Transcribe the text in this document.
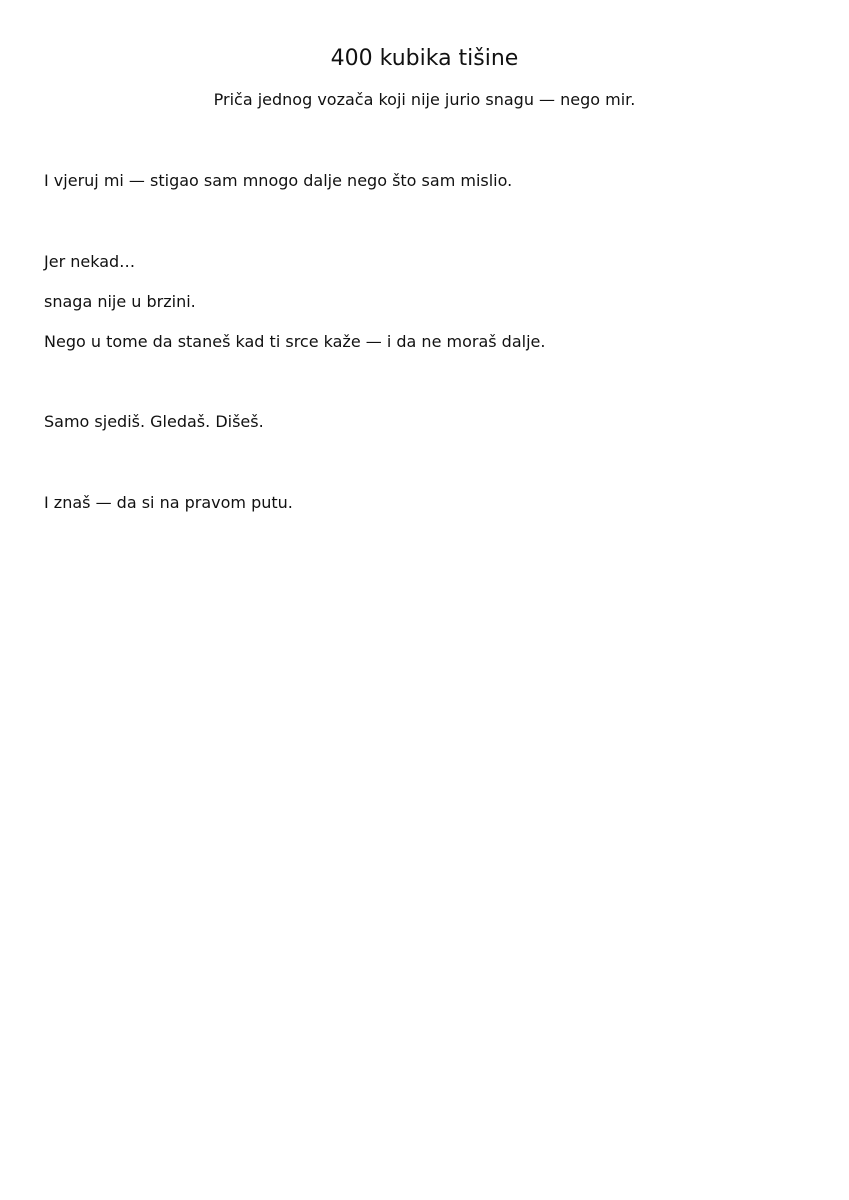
400 kubika tišine

Priča jednog vozača koji nije jurio snagu — nego mir.

I vjeruj mi — stigao sam mnogo dalje nego što sam mislio.

Jer nekad…

snaga nije u brzini.

Nego u tome da staneš kad ti srce kaže — i da ne moraš dalje.

Samo sjediš. Gledaš. Dišeš.

I znaš — da si na pravom putu.
